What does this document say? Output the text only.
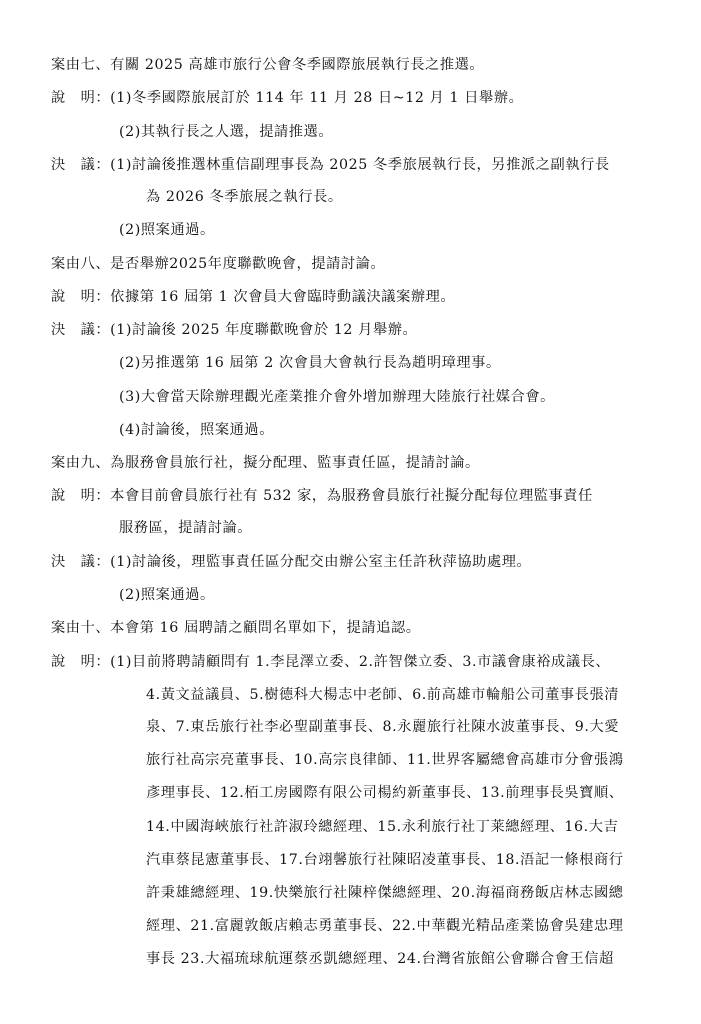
案由七、有關 2025 高雄市旅行公會冬季國際旅展執行長之推選。
說　明：(1)冬季國際旅展訂於 114 年 11 月 28 日~12 月 1 日舉辦。
(2)其執行長之人選，提請推選。
決　議：(1)討論後推選林重信副理事長為 2025 冬季旅展執行長，另推派之副執行長
為 2026 冬季旅展之執行長。
(2)照案通過。
案由八、是否舉辦2025年度聯歡晚會，提請討論。
說　明：依據第 16 屆第 1 次會員大會臨時動議決議案辦理。
決　議：(1)討論後 2025 年度聯歡晚會於 12 月舉辦。
(2)另推選第 16 屆第 2 次會員大會執行長為趙明璋理事。
(3)大會當天除辦理觀光產業推介會外增加辦理大陸旅行社媒合會。
(4)討論後，照案通過。
案由九、為服務會員旅行社，擬分配理、監事責任區，提請討論。
說　明：本會目前會員旅行社有 532 家，為服務會員旅行社擬分配每位理監事責任
服務區，提請討論。
決　議：(1)討論後，理監事責任區分配交由辦公室主任許秋萍協助處理。
(2)照案通過。
案由十、本會第 16 屆聘請之顧問名單如下，提請追認。
說　明：(1)目前將聘請顧問有 1.李昆澤立委、2.許智傑立委、3.市議會康裕成議長、
4.黃文益議員、5.樹德科大楊志中老師、6.前高雄市輪船公司董事長張清
泉、7.東岳旅行社李必聖副董事長、8.永麗旅行社陳水波董事長、9.大愛
旅行社高宗亮董事長、10.高宗良律師、11.世界客屬總會高雄市分會張鴻
彥理事長、12.栢工房國際有限公司楊約新董事長、13.前理事長吳寶順、
14.中國海峽旅行社許淑玲總經理、15.永利旅行社丁莱總經理、16.大吉
汽車蔡昆憲董事長、17.台翊馨旅行社陳昭凌董事長、18.浯記一條根商行
許秉雄總經理、19.快樂旅行社陳梓傑總經理、20.海福商務飯店林志國總
經理、21.富麗敦飯店賴志勇董事長、22.中華觀光精品產業協會吳建忠理
事長 23.大福琉球航運蔡丞凱總經理、24.台灣省旅館公會聯合會王信超
